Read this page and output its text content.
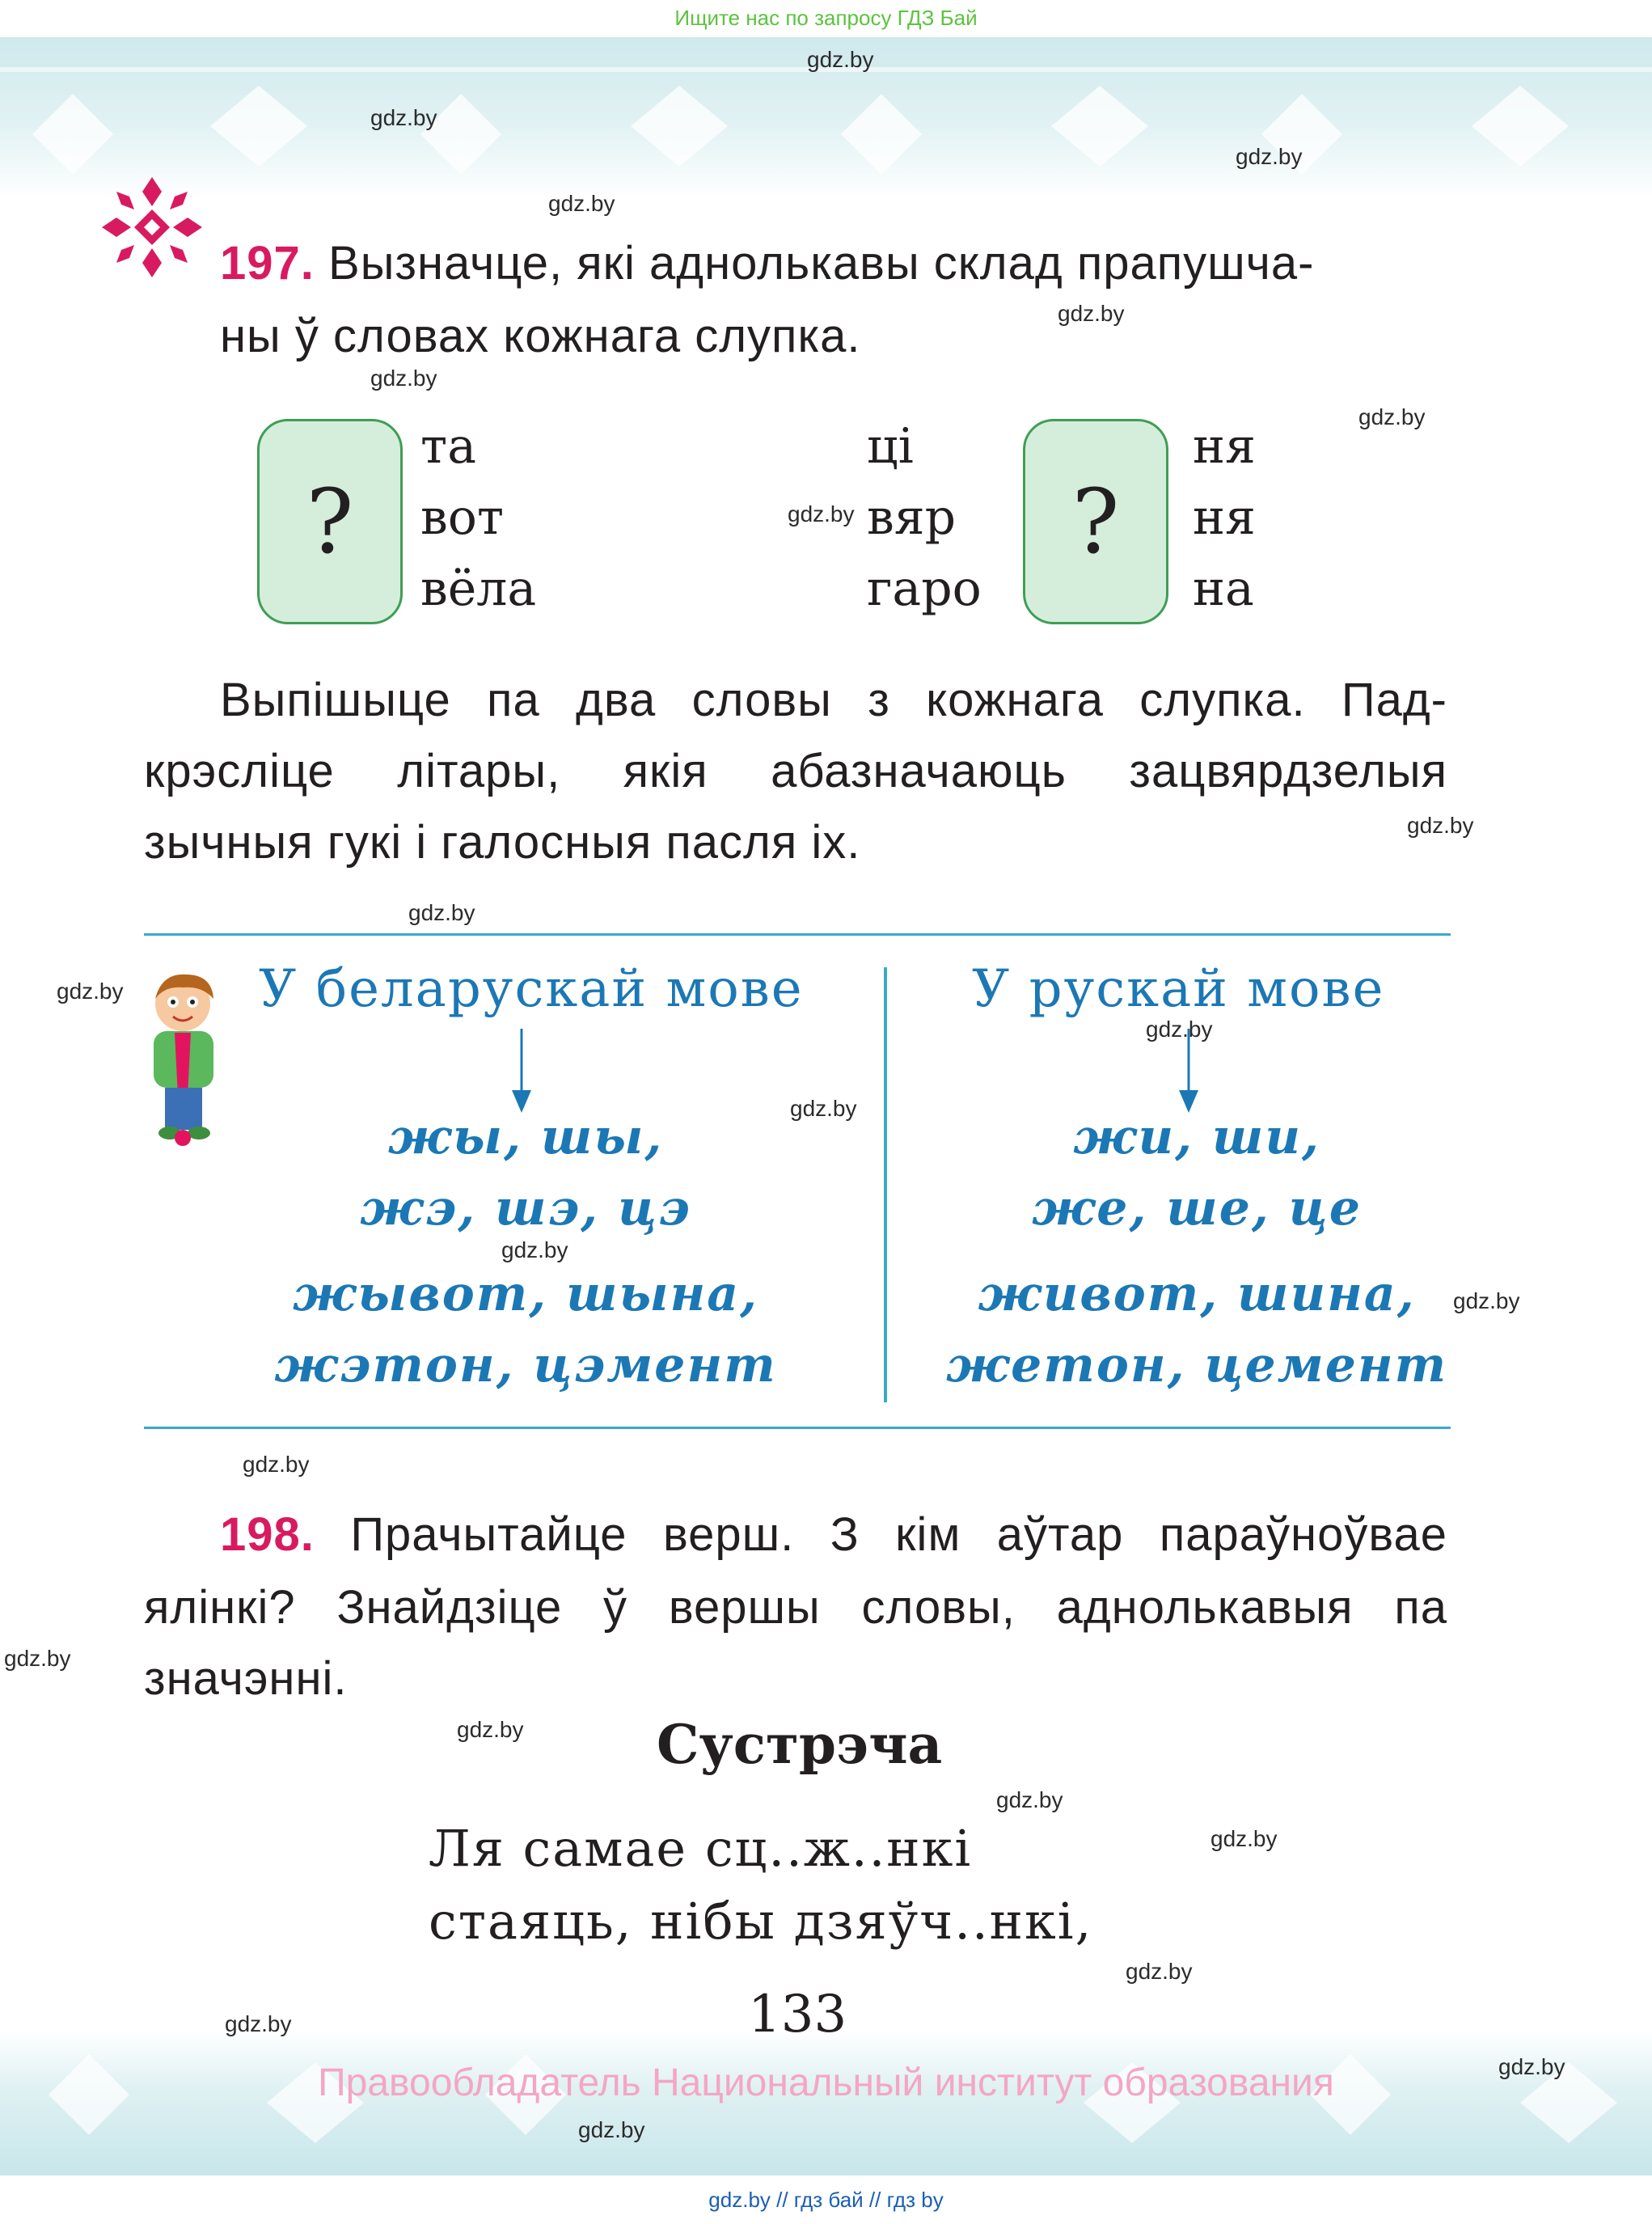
Ищите нас по запросу ГДЗ Бай
gdz.by
gdz.by
gdz.by
gdz.by
gdz.by
gdz.by
gdz.by
gdz.by
gdz.by
gdz.by
gdz.by
gdz.by
gdz.by
gdz.by
gdz.by
gdz.by
gdz.by
gdz.by
gdz.by
gdz.by
gdz.by
gdz.by
gdz.by
gdz.by
197. Вызначце, які аднолькавы склад прапушча-
ны ў словах кожнага слупка.
?
та
вот
вёла
ці
вяр
гаро
?
ня
ня
на
Выпішыце па два словы з кожнага слупка. Пад-
крэсліце літары, якія абазначаюць зацвярдзелыя
зычныя гукі і галосныя пасля іх.
У беларускай мове	У рускай мове
жы, шы,
жэ, шэ, цэ
жывот, шына,
жэтон, цэмент
жи, ши,
же, ше, це
живот, шина,
жетон, цемент
198. Прачытайце верш. З кім аўтар параўноўвае
ялінкі? Знайдзіце ў вершы словы, аднолькавыя па
значэнні.
Сустрэча
Ля самае сц..ж..нкі
стаяць, нібы дзяўч..нкі,
133
Правообладатель Национальный институт образования
gdz.by // гдз бай // гдз by
